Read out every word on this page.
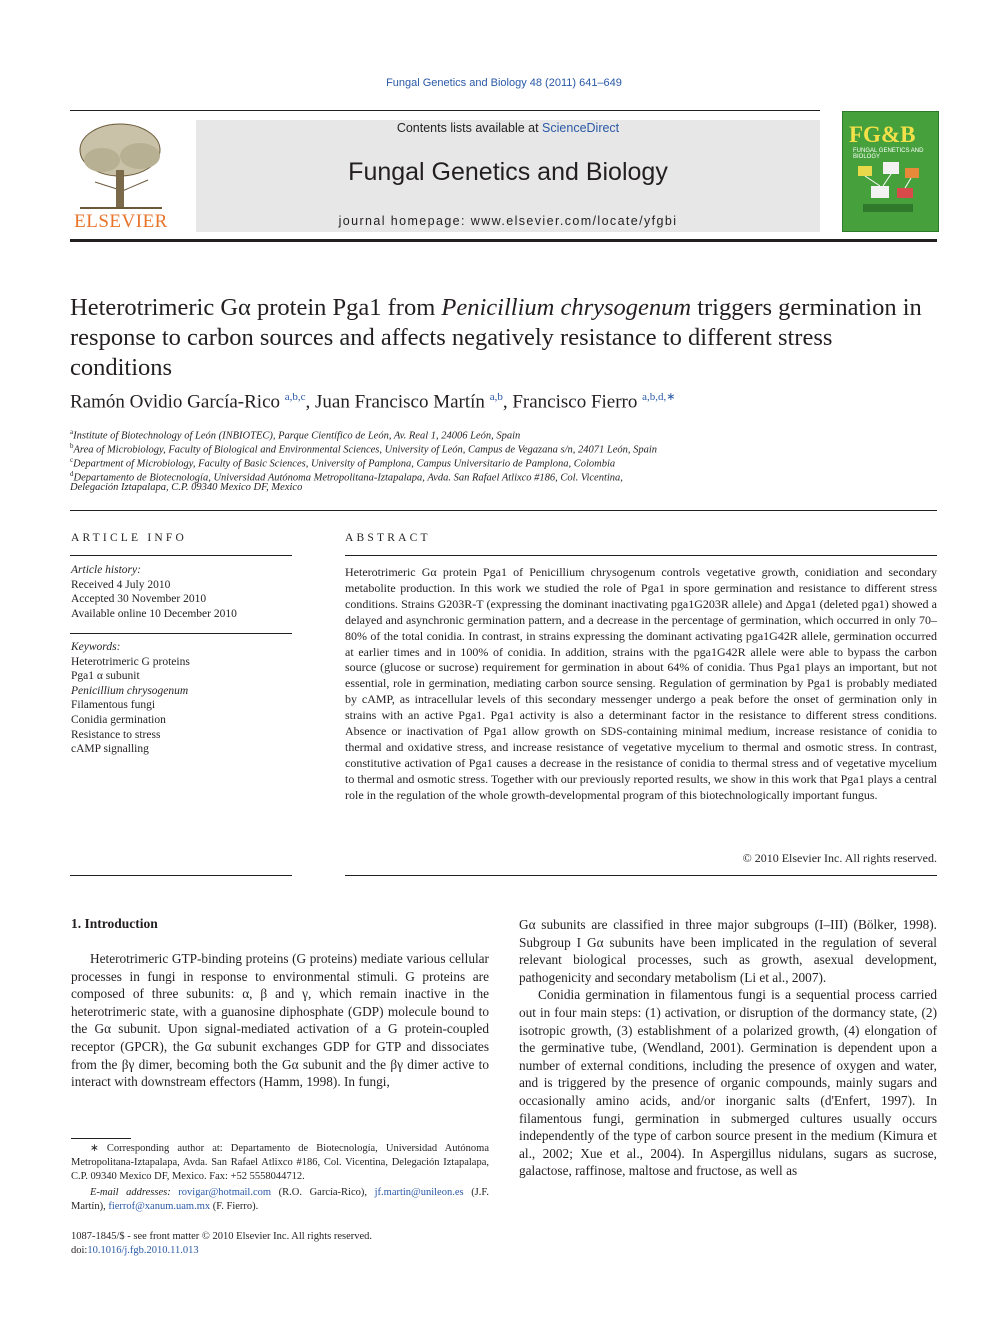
Fungal Genetics and Biology 48 (2011) 641–649
ELSEVIER
Contents lists available at ScienceDirect
Fungal Genetics and Biology
journal homepage: www.elsevier.com/locate/yfgbi
FG&B
FUNGAL GENETICS AND BIOLOGY
Heterotrimeric Gα protein Pga1 from Penicillium chrysogenum triggers germination in response to carbon sources and affects negatively resistance to different stress conditions
Ramón Ovidio García-Rico $^{a,b,c}$, Juan Francisco Martín $^{a,b}$, Francisco Fierro $^{a,b,d,∗}$
$^a$Institute of Biotechnology of León (INBIOTEC), Parque Científico de León, Av. Real 1, 24006 León, Spain
$^b$Area of Microbiology, Faculty of Biological and Environmental Sciences, University of León, Campus de Vegazana s/n, 24071 León, Spain
$^c$Department of Microbiology, Faculty of Basic Sciences, University of Pamplona, Campus Universitario de Pamplona, Colombia
$^d$Departamento de Biotecnología, Universidad Autónoma Metropolitana-Iztapalapa, Avda. San Rafael Atlixco #186, Col. Vicentina,
Delegación Iztapalapa, C.P. 09340 Mexico DF, Mexico
ARTICLE INFO
Article history:
Received 4 July 2010
Accepted 30 November 2010
Available online 10 December 2010
Keywords:
Heterotrimeric G proteins
Pga1 α subunit
Penicillium chrysogenum
Filamentous fungi
Conidia germination
Resistance to stress
cAMP signalling
ABSTRACT
Heterotrimeric Gα protein Pga1 of Penicillium chrysogenum controls vegetative growth, conidiation and secondary metabolite production. In this work we studied the role of Pga1 in spore germination and resistance to different stress conditions. Strains G203R-T (expressing the dominant inactivating pga1G203R allele) and Δpga1 (deleted pga1) showed a delayed and asynchronic germination pattern, and a decrease in the percentage of germination, which occurred in only 70–80% of the total conidia. In contrast, in strains expressing the dominant activating pga1G42R allele, germination occurred at earlier times and in 100% of conidia. In addition, strains with the pga1G42R allele were able to bypass the carbon source (glucose or sucrose) requirement for germination in about 64% of conidia. Thus Pga1 plays an important, but not essential, role in germination, mediating carbon source sensing. Regulation of germination by Pga1 is probably mediated by cAMP, as intracellular levels of this secondary messenger undergo a peak before the onset of germination only in strains with an active Pga1. Pga1 activity is also a determinant factor in the resistance to different stress conditions. Absence or inactivation of Pga1 allow growth on SDS-containing minimal medium, increase resistance of conidia to thermal and oxidative stress, and increase resistance of vegetative mycelium to thermal and osmotic stress. In contrast, constitutive activation of Pga1 causes a decrease in the resistance of conidia to thermal stress and of vegetative mycelium to thermal and osmotic stress. Together with our previously reported results, we show in this work that Pga1 plays a central role in the regulation of the whole growth-developmental program of this biotechnologically important fungus.
© 2010 Elsevier Inc. All rights reserved.
1. Introduction
Heterotrimeric GTP-binding proteins (G proteins) mediate various cellular processes in fungi in response to environmental stimuli. G proteins are composed of three subunits: α, β and γ, which remain inactive in the heterotrimeric state, with a guanosine diphosphate (GDP) molecule bound to the Gα subunit. Upon signal-mediated activation of a G protein-coupled receptor (GPCR), the Gα subunit exchanges GDP for GTP and dissociates from the βγ dimer, becoming both the Gα subunit and the βγ dimer active to interact with downstream effectors (Hamm, 1998). In fungi,
Gα subunits are classified in three major subgroups (I–III) (Bölker, 1998). Subgroup I Gα subunits have been implicated in the regulation of several relevant biological processes, such as growth, asexual development, pathogenicity and secondary metabolism (Li et al., 2007).
Conidia germination in filamentous fungi is a sequential process carried out in four main steps: (1) activation, or disruption of the dormancy state, (2) isotropic growth, (3) establishment of a polarized growth, (4) elongation of the germinative tube, (Wendland, 2001). Germination is dependent upon a number of external conditions, including the presence of oxygen and water, and is triggered by the presence of organic compounds, mainly sugars and occasionally amino acids, and/or inorganic salts (d'Enfert, 1997). In filamentous fungi, germination in submerged cultures usually occurs independently of the type of carbon source present in the medium (Kimura et al., 2002; Xue et al., 2004). In Aspergillus nidulans, sugars as sucrose, galactose, raffinose, maltose and fructose, as well as
∗ Corresponding author at: Departamento de Biotecnología, Universidad Autónoma Metropolitana-Iztapalapa, Avda. San Rafael Atlixco #186, Col. Vicentina, Delegación Iztapalapa, C.P. 09340 Mexico DF, Mexico. Fax: +52 5558044712.
E-mail addresses: rovigar@hotmail.com (R.O. García-Rico), jf.martin@unileon.es (J.F. Martín), fierrof@xanum.uam.mx (F. Fierro).
1087-1845/$ - see front matter © 2010 Elsevier Inc. All rights reserved.
doi:10.1016/j.fgb.2010.11.013
